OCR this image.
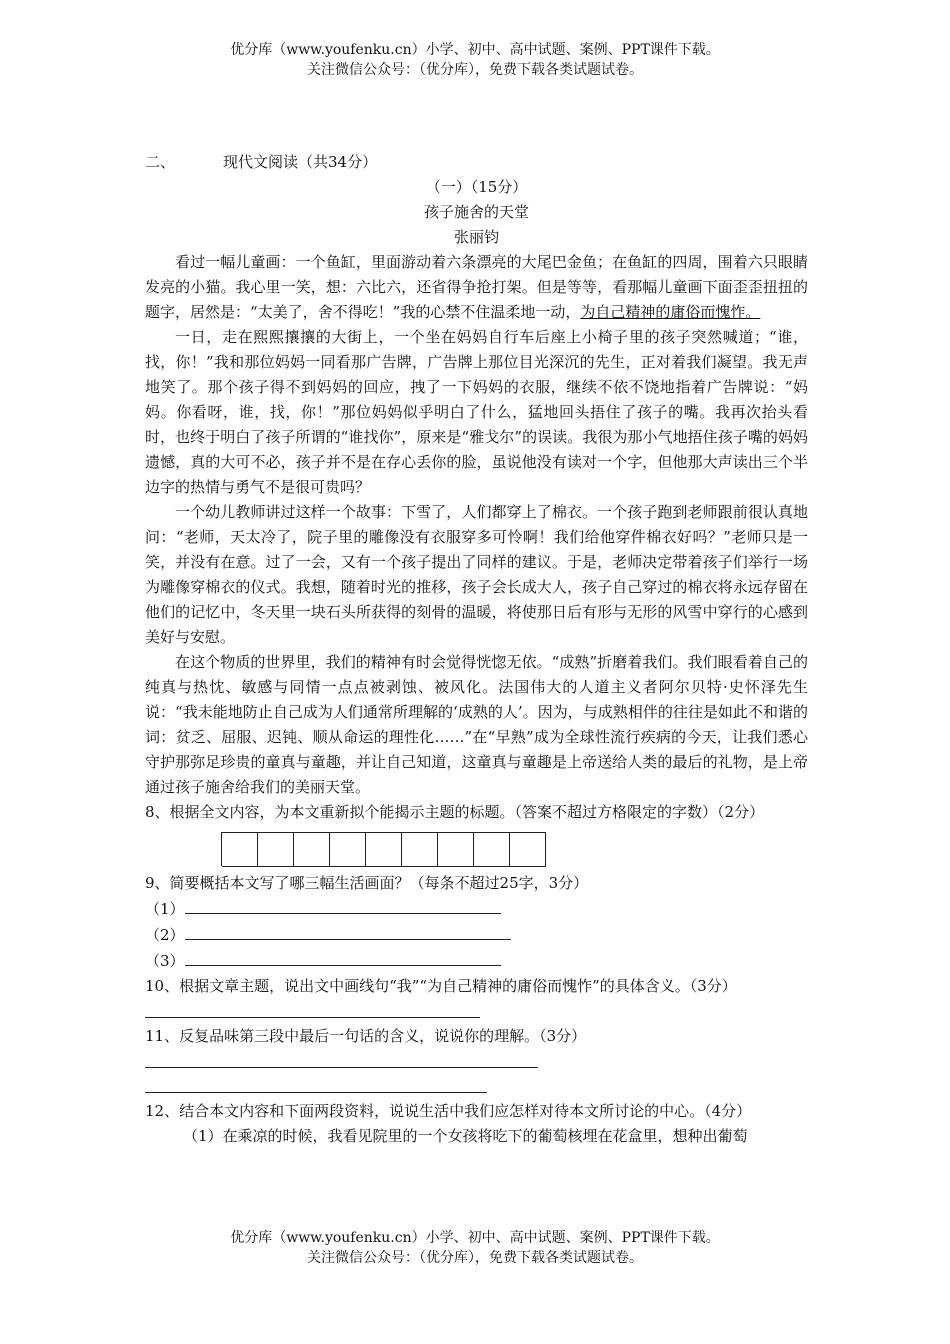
优分库（www.youfenku.cn）小学、初中、高中试题、案例、PPT课件下载。
关注微信公众号：（优分库），免费下载各类试题试卷。

二、	现代文阅读（共34分）

（一）（15分）

孩子施舍的天堂

张丽钧

看过一幅儿童画：一个鱼缸，里面游动着六条漂亮的大尾巴金鱼；在鱼缸的四周，围着六只眼睛发亮的小猫。我心里一笑，想：六比六，还省得争抢打架。但是等等，看那幅儿童画下面歪歪扭扭的题字，居然是：“太美了，舍不得吃！”我的心禁不住温柔地一动，为自己精神的庸俗而愧怍。

一日，走在熙熙攘攘的大街上，一个坐在妈妈自行车后座上小椅子里的孩子突然喊道；“谁，找，你！”我和那位妈妈一同看那广告牌，广告牌上那位目光深沉的先生，正对着我们凝望。我无声地笑了。那个孩子得不到妈妈的回应，拽了一下妈妈的衣服，继续不依不饶地指着广告牌说：“妈妈。你看呀，谁，找，你！”那位妈妈似乎明白了什么，猛地回头捂住了孩子的嘴。我再次抬头看时，也终于明白了孩子所谓的“谁找你”，原来是“雅戈尔”的误读。我很为那小气地捂住孩子嘴的妈妈遗憾，真的大可不必，孩子并不是在存心丢你的脸，虽说他没有读对一个字，但他那大声读出三个半边字的热情与勇气不是很可贵吗？

一个幼儿教师讲过这样一个故事：下雪了，人们都穿上了棉衣。一个孩子跑到老师跟前很认真地问：“老师，天太冷了，院子里的雕像没有衣服穿多可怜啊！我们给他穿件棉衣好吗？”老师只是一笑，并没有在意。过了一会，又有一个孩子提出了同样的建议。于是，老师决定带着孩子们举行一场为雕像穿棉衣的仪式。我想，随着时光的推移，孩子会长成大人，孩子自己穿过的棉衣将永远存留在他们的记忆中，冬天里一块石头所获得的刻骨的温暖，将使那日后有形与无形的风雪中穿行的心感到美好与安慰。

在这个物质的世界里，我们的精神有时会觉得恍惚无依。“成熟”折磨着我们。我们眼看着自己的纯真与热忱、敏感与同情一点点被剥蚀、被风化。法国伟大的人道主义者阿尔贝特·史怀泽先生说：“我未能地防止自己成为人们通常所理解的‘成熟的人’。因为，与成熟相伴的往往是如此不和谐的词：贫乏、屈服、迟钝、顺从命运的理性化……”在“早熟”成为全球性流行疾病的今天，让我们悉心守护那弥足珍贵的童真与童趣，并让自己知道，这童真与童趣是上帝送给人类的最后的礼物，是上帝通过孩子施舍给我们的美丽天堂。

8、根据全文内容，为本文重新拟个能揭示主题的标题。（答案不超过方格限定的字数）（2分）

9、简要概括本文写了哪三幅生活画面？（每条不超过25字，3分）

（1）

（2）

（3）

10、根据文章主题，说出文中画线句“我”“为自己精神的庸俗而愧怍”的具体含义。（3分）

11、反复品味第三段中最后一句话的含义，说说你的理解。（3分）

12、结合本文内容和下面两段资料，说说生活中我们应怎样对待本文所讨论的中心。（4分）

（1）在乘凉的时候，我看见院里的一个女孩将吃下的葡萄核埋在花盒里，想种出葡萄

优分库（www.youfenku.cn）小学、初中、高中试题、案例、PPT课件下载。
关注微信公众号：（优分库），免费下载各类试题试卷。
